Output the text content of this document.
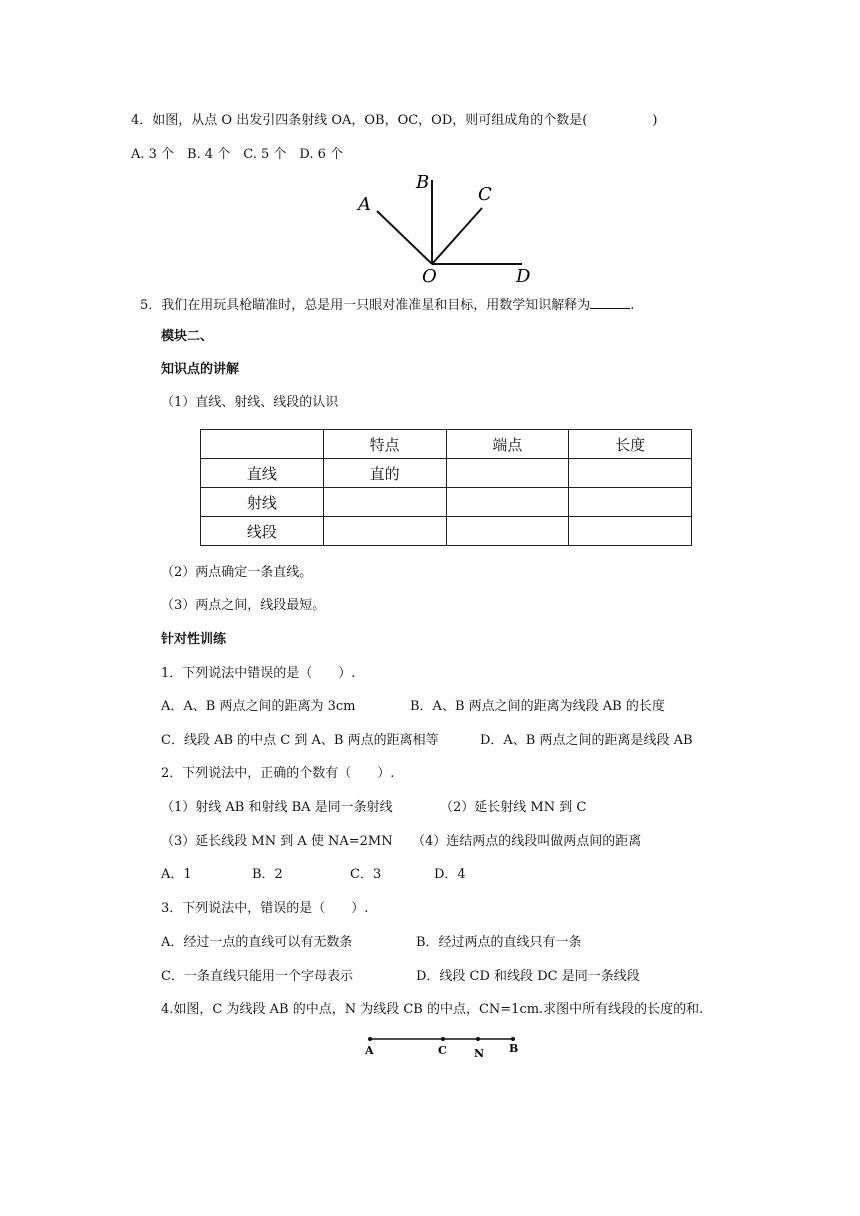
4．如图，从点 O 出发引四条射线 OA，OB，OC，OD，则可组成角的个数是(　　　　　)
A. 3 个　B. 4 个　C. 5 个　D. 6 个
A
B
C
O	D
5．我们在用玩具枪瞄准时，总是用一只眼对准准星和目标，用数学知识解释为	.
模块二、
知识点的讲解
（1）直线、射线、线段的认识
	特点	端点	长度
直线	直的		
射线			
线段			
（2）两点确定一条直线。
（3）两点之间，线段最短。
针对性训练
1．下列说法中错误的是（　　）.
A．A、B 两点之间的距离为 3cm	B．A、B 两点之间的距离为线段 AB 的长度
C．线段 AB 的中点 C 到 A、B 两点的距离相等	D．A、B 两点之间的距离是线段 AB
2．下列说法中，正确的个数有（　　）.
（1）射线 AB 和射线 BA 是同一条射线	（2）延长射线 MN 到 C
（3）延长线段 MN 到 A 使 NA=2MN （4）连结两点的线段叫做两点间的距离
A．1	B．2	C．3	D．4
3．下列说法中，错误的是（　　）.
A．经过一点的直线可以有无数条	B．经过两点的直线只有一条
C．一条直线只能用一个字母表示	D．线段 CD 和线段 DC 是同一条线段
4.如图，C 为线段 AB 的中点，N 为线段 CB 的中点，CN=1cm.求图中所有线段的长度的和.
A	C N B
